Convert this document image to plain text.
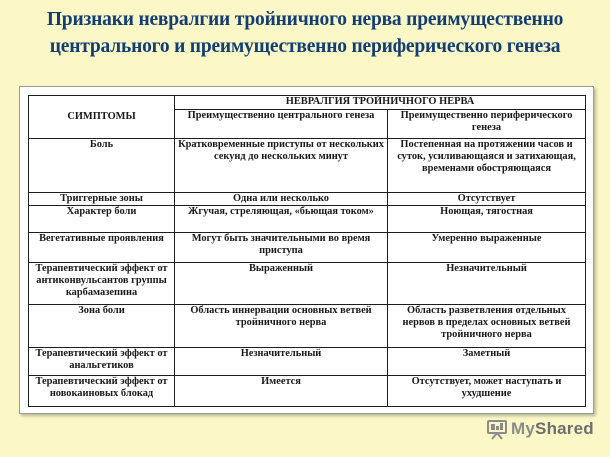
Признаки невралгии тройничного нерва преимущественно
центрального и преимущественно периферического генеза
СИМПТОМЫ	НЕВРАЛГИЯ ТРОЙНИЧНОГО НЕРВА	
	Преимущественно центрального генеза	Преимущественно периферического генеза
Боль	Кратковременные приступы от нескольких секунд до нескольких минут	Постепенная на протяжении часов и суток, усиливающаяся и затихающая, временами обостряющаяся
Триггерные зоны	Одна или несколько	Отсутствует
Характер боли	Жгучая, стреляющая, «бьющая током»	Ноющая, тягостная
Вегетативные проявления	Могут быть значительными во время приступа	Умеренно выраженные
Терапевтический эффект от антиконвульсантов группы карбамазепина	Выраженный	Незначительный
Зона боли	Область иннервации основных ветвей тройничного нерва	Область разветвления отдельных нервов в пределах основных ветвей тройничного нерва
Терапевтический эффект от анальгетиков	Незначительный	Заметный
Терапевтический эффект от новокаиновых блокад	Имеется	Отсутствует, может наступать и ухудшение
MyShared
